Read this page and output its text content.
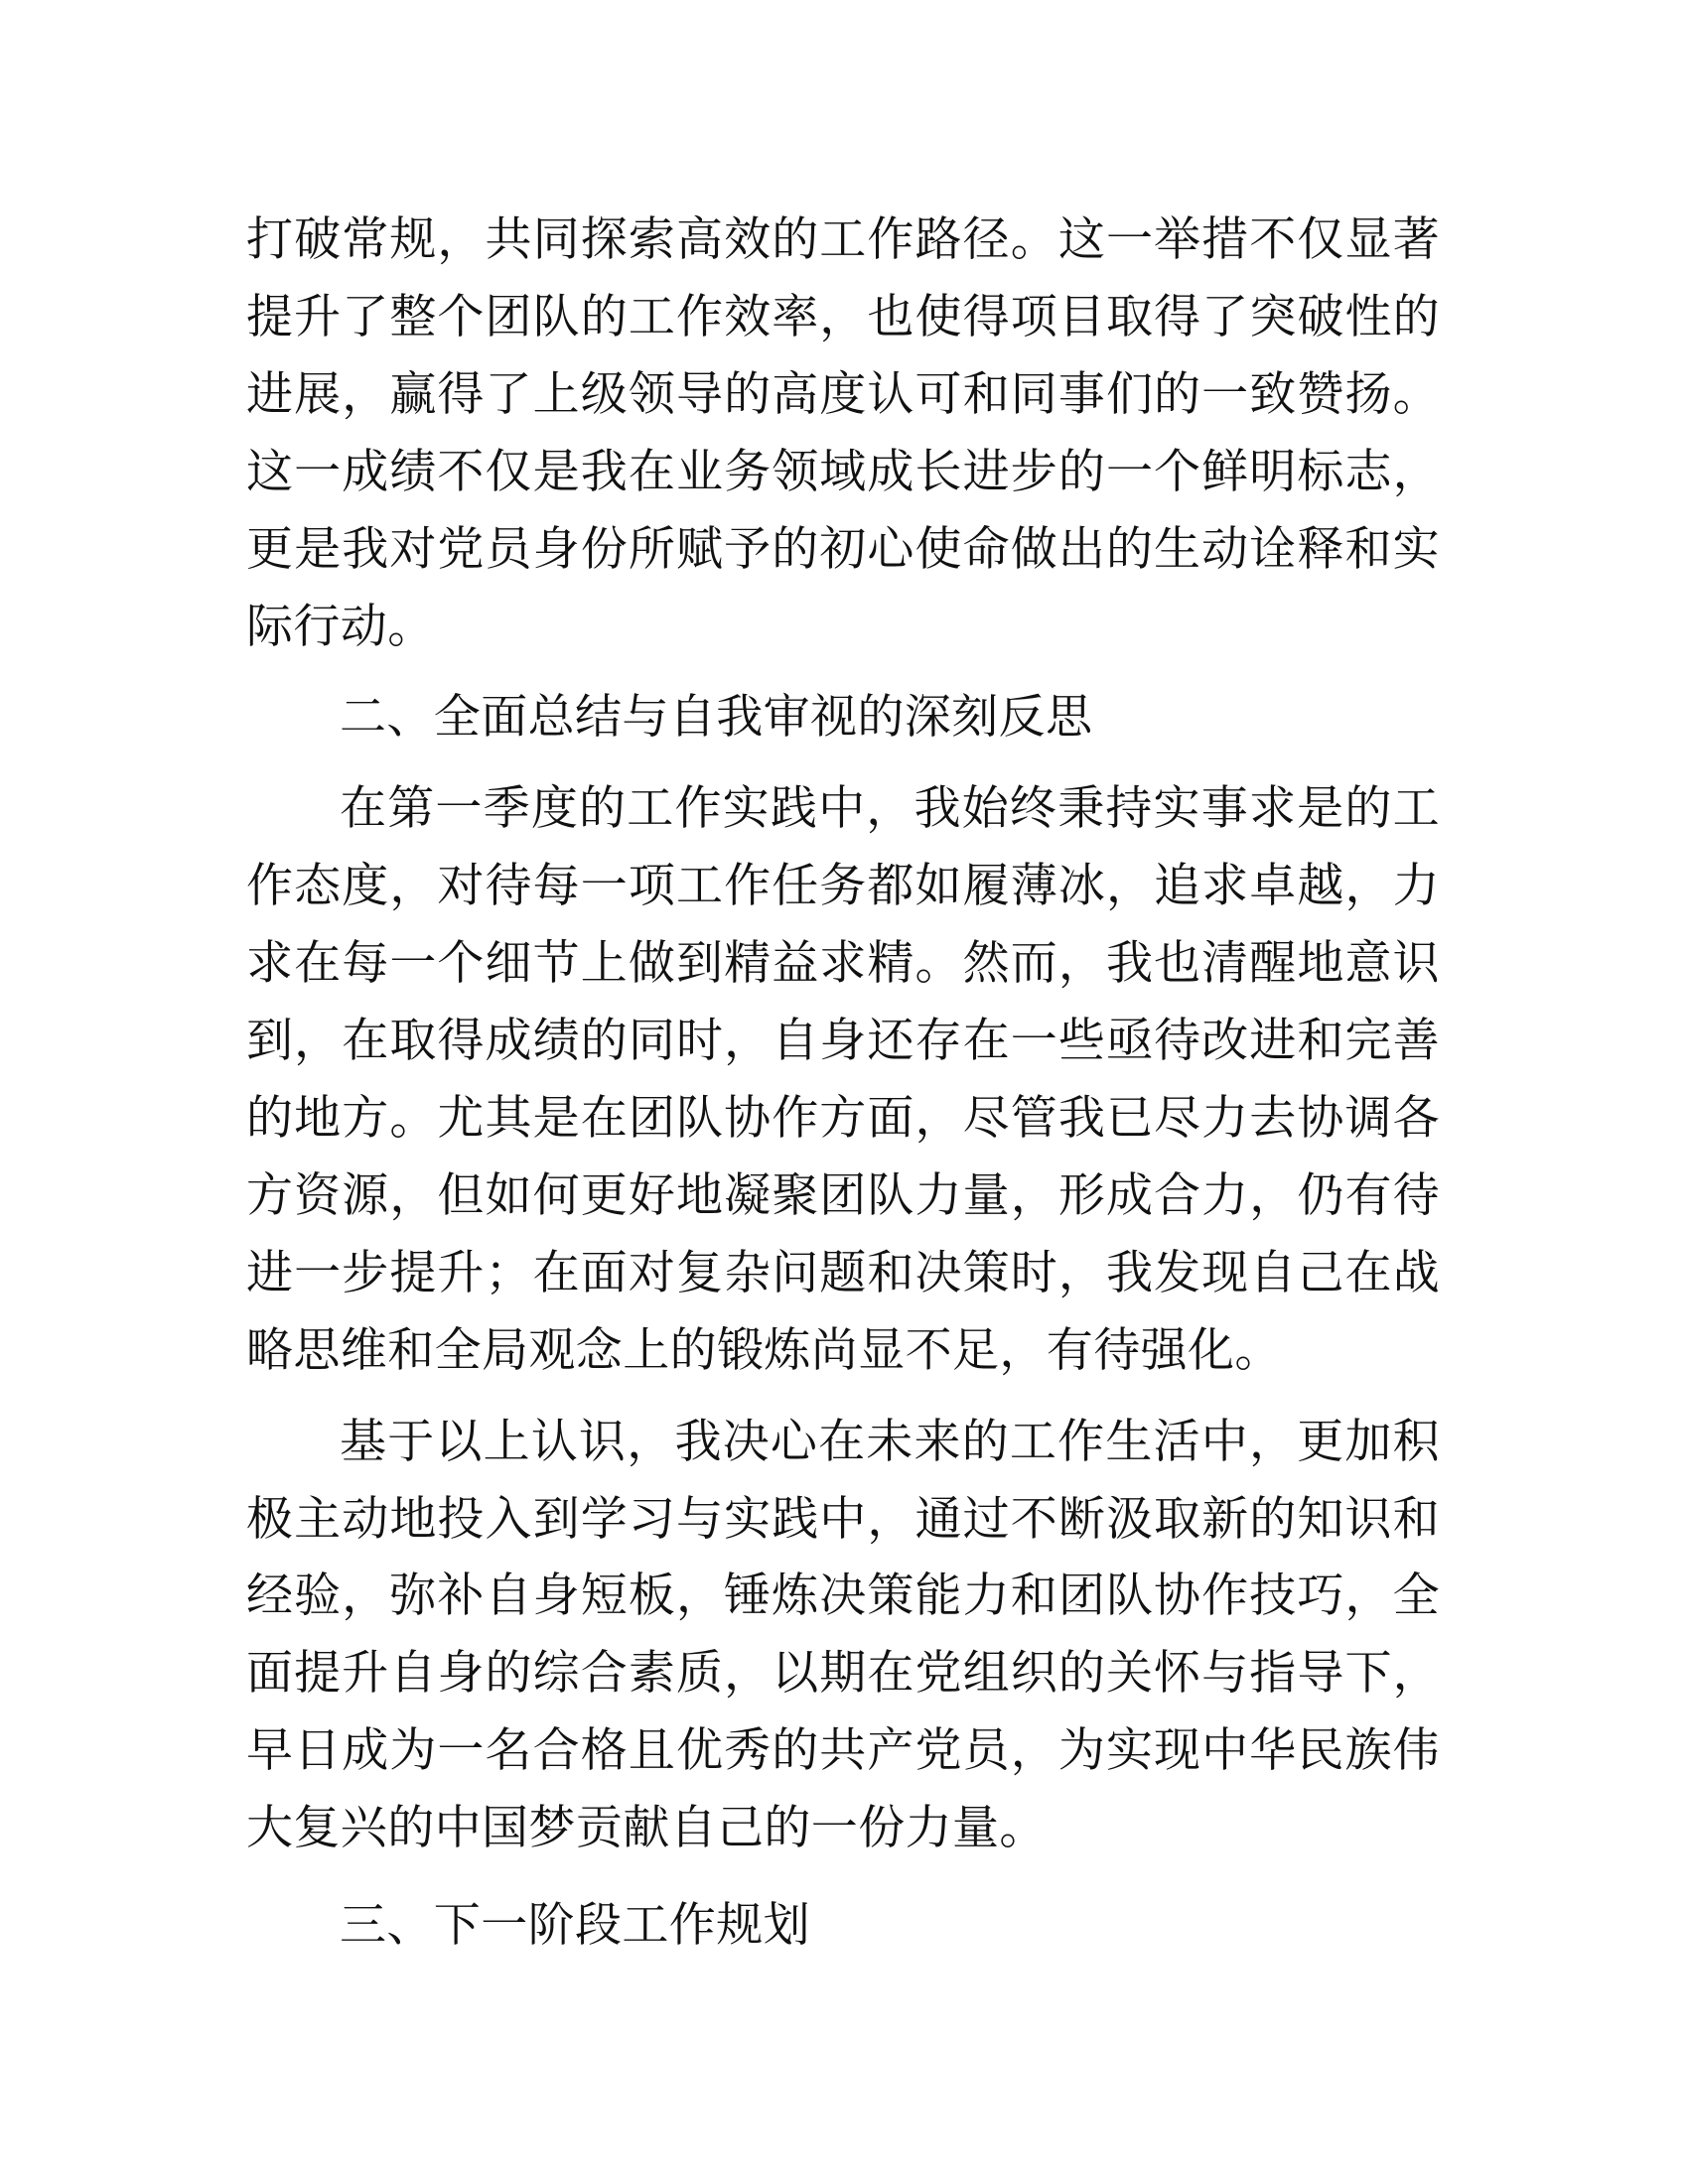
打破常规，共同探索高效的工作路径。这一举措不仅显著提升了整个团队的工作效率，也使得项目取得了突破性的进展，赢得了上级领导的高度认可和同事们的一致赞扬。这一成绩不仅是我在业务领域成长进步的一个鲜明标志，更是我对党员身份所赋予的初心使命做出的生动诠释和实际行动。

二、全面总结与自我审视的深刻反思

在第一季度的工作实践中，我始终秉持实事求是的工作态度，对待每一项工作任务都如履薄冰，追求卓越，力求在每一个细节上做到精益求精。然而，我也清醒地意识到，在取得成绩的同时，自身还存在一些亟待改进和完善的地方。尤其是在团队协作方面，尽管我已尽力去协调各方资源，但如何更好地凝聚团队力量，形成合力，仍有待进一步提升；在面对复杂问题和决策时，我发现自己在战略思维和全局观念上的锻炼尚显不足，有待强化。

基于以上认识，我决心在未来的工作生活中，更加积极主动地投入到学习与实践中，通过不断汲取新的知识和经验，弥补自身短板，锤炼决策能力和团队协作技巧，全面提升自身的综合素质，以期在党组织的关怀与指导下，早日成为一名合格且优秀的共产党员，为实现中华民族伟大复兴的中国梦贡献自己的一份力量。

三、下一阶段工作规划
